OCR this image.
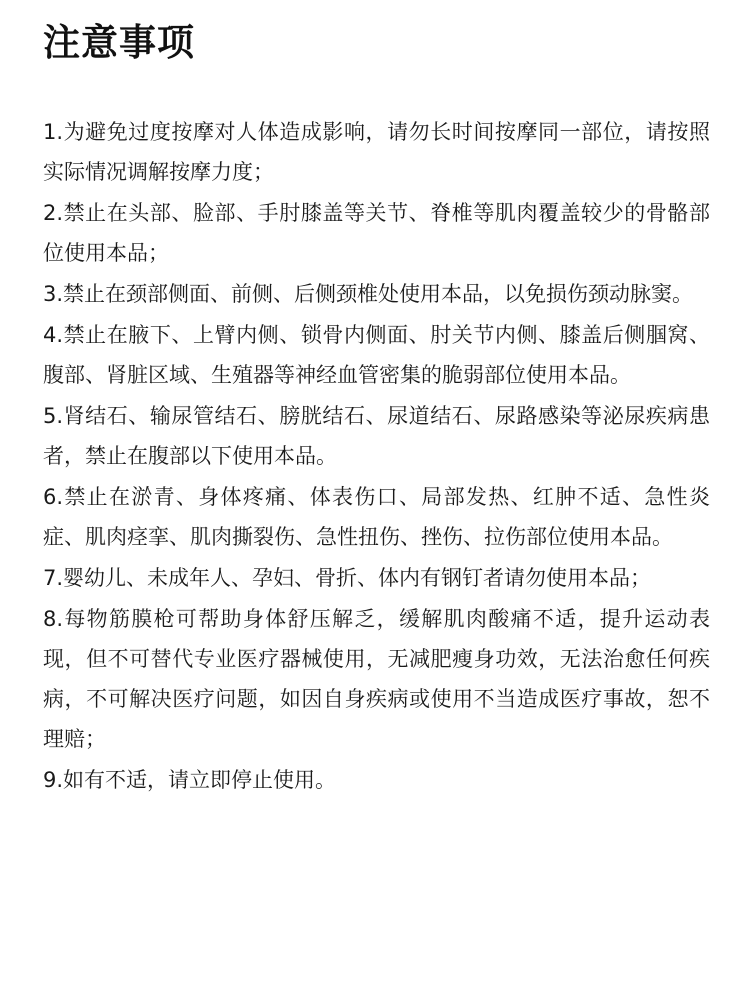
注意事项
1.为避免过度按摩对人体造成影响，请勿长时间按摩同一部位，请按照实际情况调解按摩力度；
2.禁止在头部、脸部、手肘膝盖等关节、脊椎等肌肉覆盖较少的骨骼部位使用本品；
3.禁止在颈部侧面、前侧、后侧颈椎处使用本品，以免损伤颈动脉窦。
4.禁止在腋下、上臂内侧、锁骨内侧面、肘关节内侧、膝盖后侧腘窝、腹部、肾脏区域、生殖器等神经血管密集的脆弱部位使用本品。
5.肾结石、输尿管结石、膀胱结石、尿道结石、尿路感染等泌尿疾病患者，禁止在腹部以下使用本品。
6.禁止在淤青、身体疼痛、体表伤口、局部发热、红肿不适、急性炎症、肌肉痉挛、肌肉撕裂伤、急性扭伤、挫伤、拉伤部位使用本品。
7.婴幼儿、未成年人、孕妇、骨折、体内有钢钉者请勿使用本品；
8.每物筋膜枪可帮助身体舒压解乏，缓解肌肉酸痛不适，提升运动表现，但不可替代专业医疗器械使用，无减肥瘦身功效，无法治愈任何疾病，不可解决医疗问题，如因自身疾病或使用不当造成医疗事故，恕不理赔；
9.如有不适，请立即停止使用。
